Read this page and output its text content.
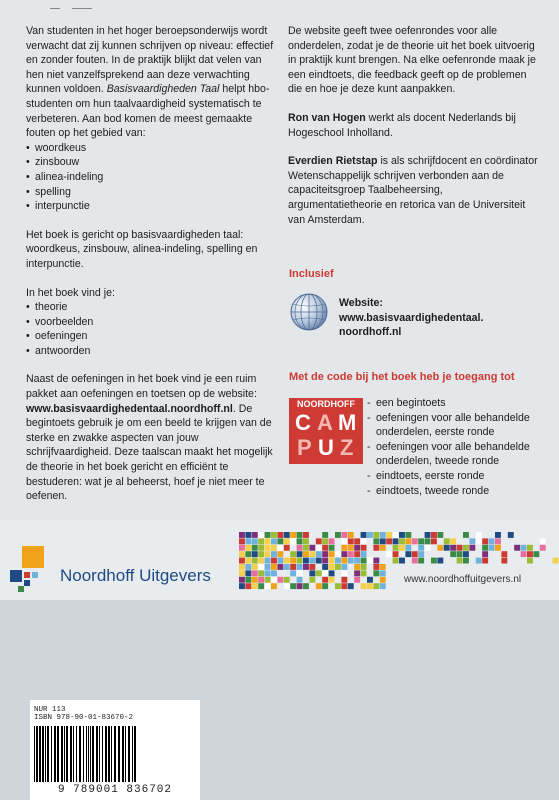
Van studenten in het hoger beroepsonderwijs wordt verwacht dat zij kunnen schrijven op niveau: effectief en zonder fouten. In de praktijk blijkt dat velen van hen niet vanzelfsprekend aan deze verwachting kunnen voldoen. Basisvaardigheden Taal helpt hbo-studenten om hun taalvaardigheid systematisch te verbeteren. Aan bod komen de meest gemaakte fouten op het gebied van:

• woordkeus
• zinsbouw
• alinea-indeling
• spelling
• interpunctie

Het boek is gericht op basisvaardigheden taal: woordkeus, zinsbouw, alinea-indeling, spelling en interpunctie.

In het boek vind je:

• theorie
• voorbeelden
• oefeningen
• antwoorden

Naast de oefeningen in het boek vind je een ruim pakket aan oefeningen en toetsen op de website: www.basisvaardighedentaal.noordhoff.nl. De begintoets gebruik je om een beeld te krijgen van de sterke en zwakke aspecten van jouw schrijfvaardigheid. Deze taalscan maakt het mogelijk de theorie in het boek gericht en efficiënt te bestuderen: wat je al beheerst, hoef je niet meer te oefenen.

De website geeft twee oefenrondes voor alle onderdelen, zodat je de theorie uit het boek uitvoerig in praktijk kunt brengen. Na elke oefenronde maak je een eindtoets, die feedback geeft op de problemen die en hoe je deze kunt aanpakken.

Ron van Hogen werkt als docent Nederlands bij Hogeschool Inholland.

Everdien Rietstap is als schrijfdocent en coördinator Wetenschappelijk schrijven verbonden aan de capaciteitsgroep Taalbeheersing, argumentatietheorie en retorica van de Universiteit van Amsterdam.

Inclusief
Website:
www.basisvaardighedentaal.
noordhoff.nl
Met de code bij het boek heb je toegang tot
NOORDHOFF
C A M
P U Z
- een begintoets
- oefeningen voor alle behandelde onderdelen, eerste ronde
- oefeningen voor alle behandelde onderdelen, tweede ronde
- eindtoets, eerste ronde
- eindtoets, tweede ronde
Noordhoff Uitgevers	www.noordhoffuitgevers.nl
NUR 113
ISBN 978-90-01-83670-2
9 789001 836702
